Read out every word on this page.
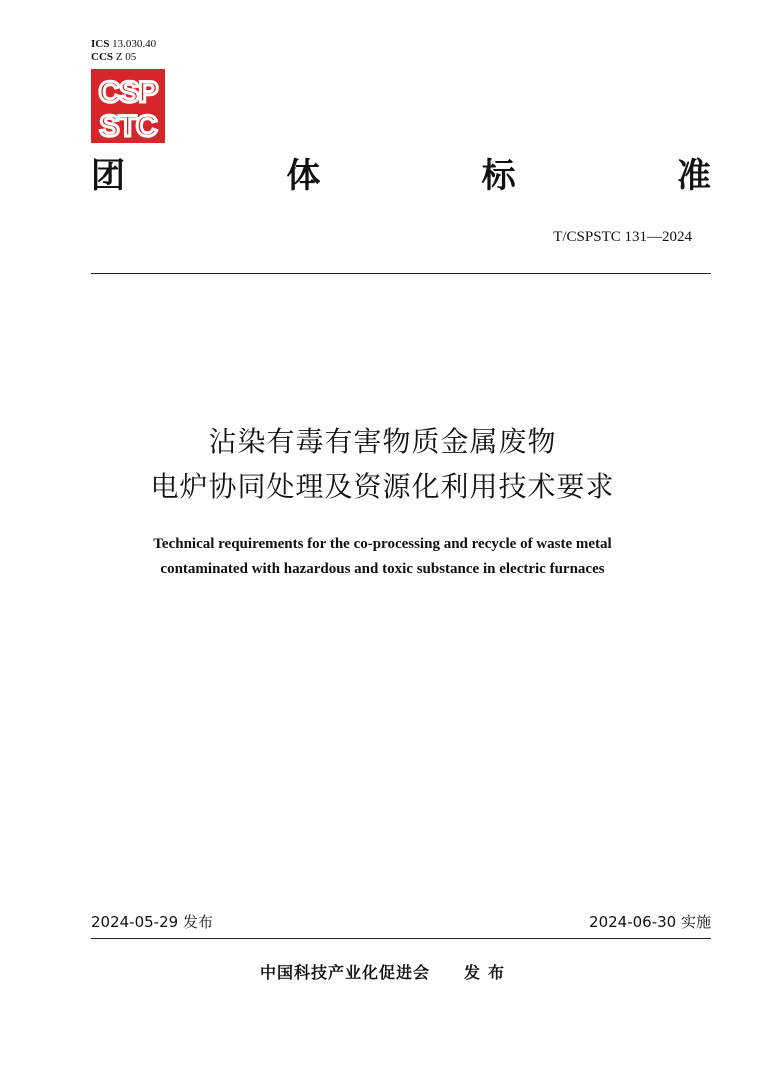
ICS 13.030.40
CCS Z 05
CSP
STC
团	体	标	准
T/CSPSTC 131—2024
沾染有毒有害物质金属废物
电炉协同处理及资源化利用技术要求
Technical requirements for the co-processing and recycle of waste metal
contaminated with hazardous and toxic substance in electric furnaces
2024-05-29 发布	2024-06-30 实施
中国科技产业化促进会 发布
